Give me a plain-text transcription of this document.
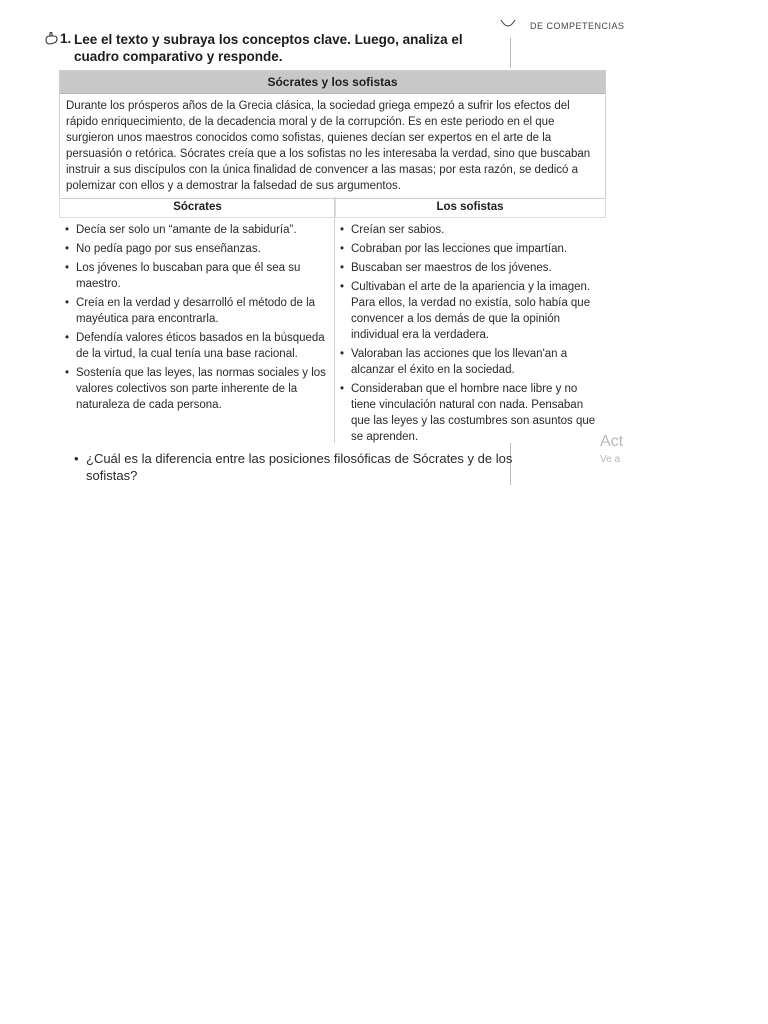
DE COMPETENCIAS
1. Lee el texto y subraya los conceptos clave. Luego, analiza el cuadro comparativo y responde.
Sócrates y los sofistas
Durante los prósperos años de la Grecia clásica, la sociedad griega empezó a sufrir los efectos del rápido enriquecimiento, de la decadencia moral y de la corrupción. Es en este periodo en el que surgieron unos maestros conocidos como sofistas, quienes decían ser expertos en el arte de la persuasión o retórica. Sócrates creía que a los sofistas no les interesaba la verdad, sino que buscaban instruir a sus discípulos con la única finalidad de convencer a las masas; por esta razón, se dedicó a polemizar con ellos y a demostrar la falsedad de sus argumentos.
Sócrates	Los sofistas
• Decía ser solo un “amante de la sabiduría”.
• No pedía pago por sus enseñanzas.
• Los jóvenes lo buscaban para que él sea su maestro.
• Creía en la verdad y desarrolló el método de la mayéutica para encontrarla.
• Defendía valores éticos basados en la búsqueda de la virtud, la cual tenía una base racional.
• Sostenía que las leyes, las normas sociales y los valores colectivos son parte inherente de la naturaleza de cada persona.
• Creían ser sabios.
• Cobraban por las lecciones que impartían.
• Buscaban ser maestros de los jóvenes.
• Cultivaban el arte de la apariencia y la imagen. Para ellos, la verdad no existía, solo había que convencer a los demás de que la opinión individual era la verdadera.
• Valoraban las acciones que los llevan'an a alcanzar el éxito en la sociedad.
• Consideraban que el hombre nace libre y no tiene vinculación natural con nada. Pensaban que las leyes y las costumbres son asuntos que se aprenden.
• ¿Cuál es la diferencia entre las posiciones filosóficas de Sócrates y de los sofistas?
Act
Ve a
